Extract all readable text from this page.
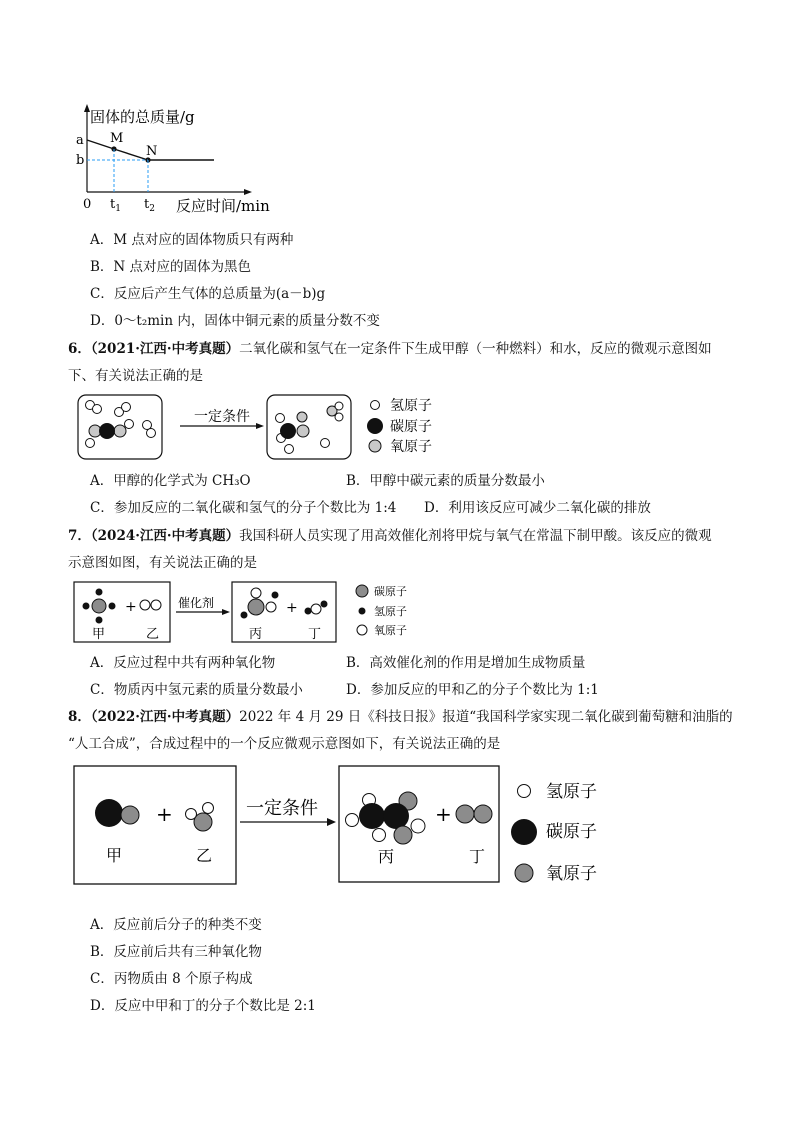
固体的总质量/g
a
b
M
N
0 $t_1$ $t_2$ 反应时间/min
A．M 点对应的固体物质只有两种
B．N 点对应的固体为黑色
C．反应后产生气体的总质量为(a－b)g
D．0～t₂min 内，固体中铜元素的质量分数不变
6．（2021·江西·中考真题）二氧化碳和氢气在一定条件下生成甲醇（一种燃料）和水，反应的微观示意图如
下、有关说法正确的是
一定条件
氢原子
碳原子
氧原子
A．甲醇的化学式为 CH₃O	B．甲醇中碳元素的质量分数最小
C．参加反应的二氧化碳和氢气的分子个数比为 1:4 D．利用该反应可减少二氧化碳的排放
7．（2024·江西·中考真题）我国科研人员实现了用高效催化剂将甲烷与氧气在常温下制甲酸。该反应的微观
示意图如图，有关说法正确的是
+
甲	乙
催化剂	+
丙	丁
碳原子
氢原子
氧原子
A．反应过程中共有两种氧化物	B．高效催化剂的作用是增加生成物质量
C．物质丙中氢元素的质量分数最小	D．参加反应的甲和乙的分子个数比为 1:1
8．（2022·江西·中考真题）2022 年 4 月 29 日《科技日报》报道“我国科学家实现二氧化碳到葡萄糖和油脂的
“人工合成”，合成过程中的一个反应微观示意图如下，有关说法正确的是
+
甲	乙
一定条件	+
丙	丁
氢原子
碳原子
氧原子
A．反应前后分子的种类不变
B．反应前后共有三种氧化物
C．丙物质由 8 个原子构成
D．反应中甲和丁的分子个数比是 2:1
